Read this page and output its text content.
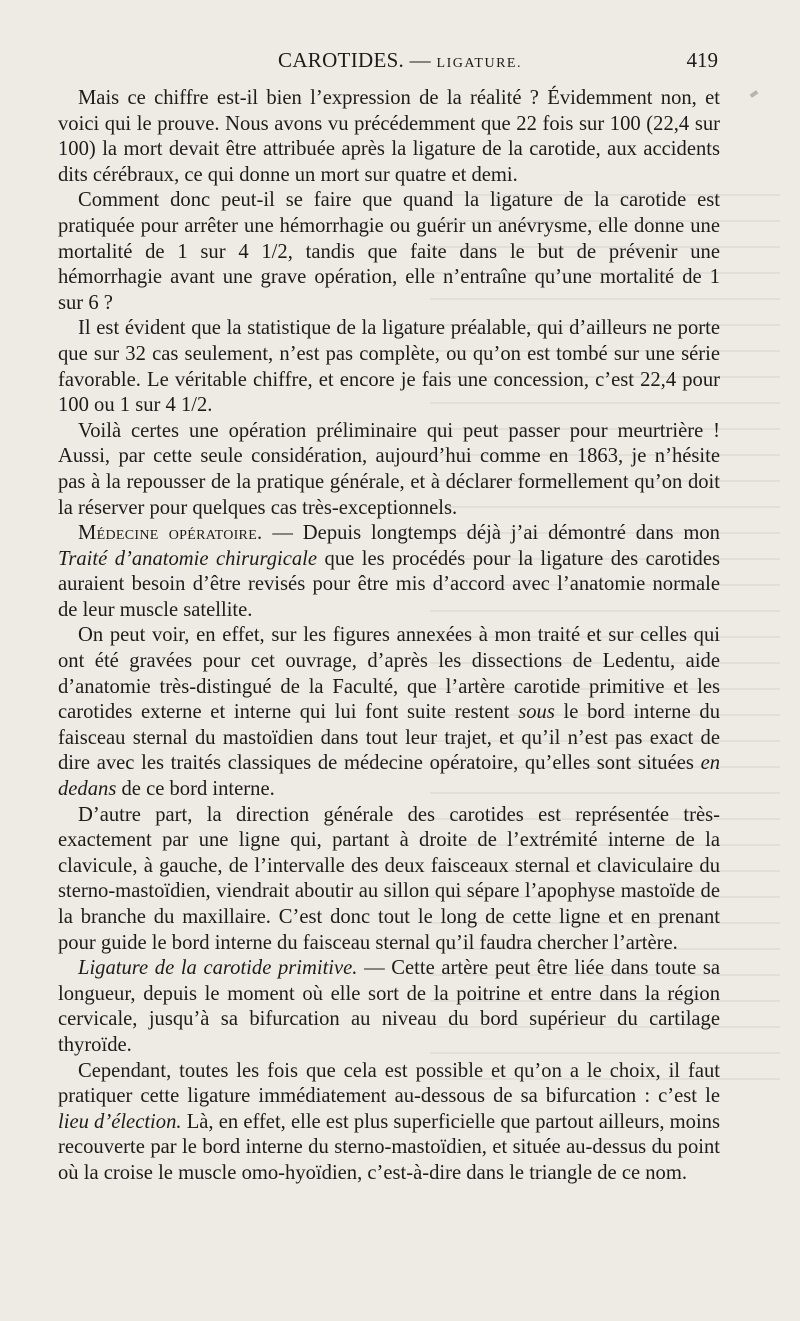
CAROTIDES. — LIGATURE.	419

Mais ce chiffre est-il bien l’expression de la réalité ? Évidemment non, et voici qui le prouve. Nous avons vu précédemment que 22 fois sur 100 (22,4 sur 100) la mort devait être attribuée après la ligature de la carotide, aux accidents dits cérébraux, ce qui donne un mort sur quatre et demi.

Comment donc peut-il se faire que quand la ligature de la carotide est pratiquée pour arrêter une hémorrhagie ou guérir un anévrysme, elle donne une mortalité de 1 sur 4 1/2, tandis que faite dans le but de prévenir une hémorrhagie avant une grave opération, elle n’entraîne qu’une mortalité de 1 sur 6 ?

Il est évident que la statistique de la ligature préalable, qui d’ailleurs ne porte que sur 32 cas seulement, n’est pas complète, ou qu’on est tombé sur une série favorable. Le véritable chiffre, et encore je fais une concession, c’est 22,4 pour 100 ou 1 sur 4 1/2.

Voilà certes une opération préliminaire qui peut passer pour meurtrière ! Aussi, par cette seule considération, aujourd’hui comme en 1863, je n’hésite pas à la repousser de la pratique générale, et à déclarer formellement qu’on doit la réserver pour quelques cas très-exceptionnels.

Médecine opératoire. — Depuis longtemps déjà j’ai démontré dans mon Traité d’anatomie chirurgicale que les procédés pour la ligature des carotides auraient besoin d’être revisés pour être mis d’accord avec l’anatomie normale de leur muscle satellite.

On peut voir, en effet, sur les figures annexées à mon traité et sur celles qui ont été gravées pour cet ouvrage, d’après les dissections de Ledentu, aide d’anatomie très-distingué de la Faculté, que l’artère carotide primitive et les carotides externe et interne qui lui font suite restent sous le bord interne du faisceau sternal du mastoïdien dans tout leur trajet, et qu’il n’est pas exact de dire avec les traités classiques de médecine opératoire, qu’elles sont situées en dedans de ce bord interne.

D’autre part, la direction générale des carotides est représentée très-exactement par une ligne qui, partant à droite de l’extrémité interne de la clavicule, à gauche, de l’intervalle des deux faisceaux sternal et claviculaire du sterno-mastoïdien, viendrait aboutir au sillon qui sépare l’apophyse mastoïde de la branche du maxillaire. C’est donc tout le long de cette ligne et en prenant pour guide le bord interne du faisceau sternal qu’il faudra chercher l’artère.

Ligature de la carotide primitive. — Cette artère peut être liée dans toute sa longueur, depuis le moment où elle sort de la poitrine et entre dans la région cervicale, jusqu’à sa bifurcation au niveau du bord supérieur du cartilage thyroïde.

Cependant, toutes les fois que cela est possible et qu’on a le choix, il faut pratiquer cette ligature immédiatement au-dessous de sa bifurcation : c’est le lieu d’élection. Là, en effet, elle est plus superficielle que partout ailleurs, moins recouverte par le bord interne du sterno-mastoïdien, et située au-dessus du point où la croise le muscle omo-hyoïdien, c’est-à-dire dans le triangle de ce nom.
